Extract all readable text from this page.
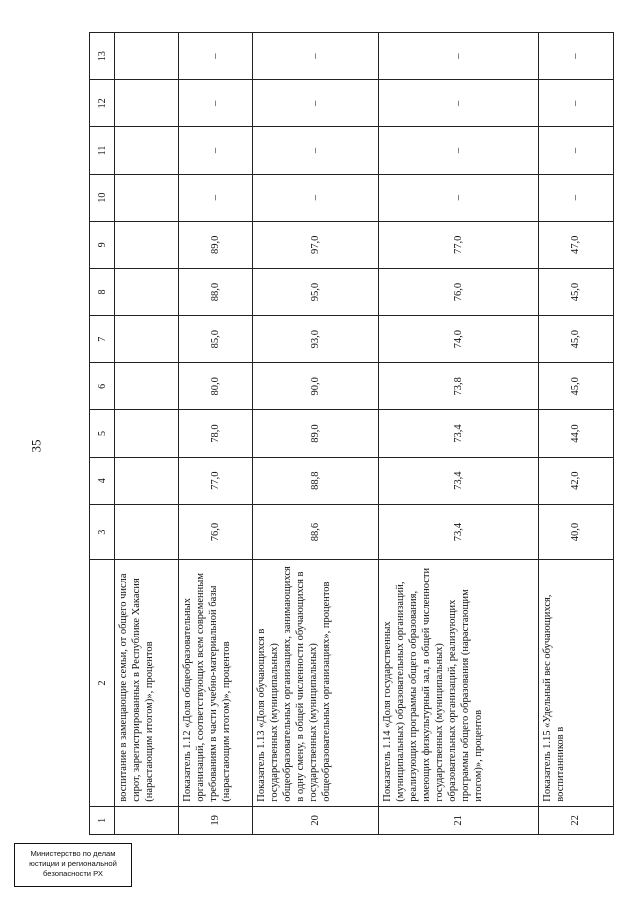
35
1	2	3	4	5	6	7	8	9	10	11	12	13
	воспитание в замещающие семьи, от общего числа сирот, зарегистрированных в Республике Хакасия (нарастающим итогом)», процентов											
19	Показатель 1.12 «Доля общеобразовательных организаций, соответствующих всем современным требованиям в части учебно-материальной базы (нарастающим итогом)», процентов	76,0	77,0	78,0	80,0	85,0	88,0	89,0	–	–	–	–
20	Показатель 1.13 «Доля обучающихся в государственных (муниципальных) общеобразовательных организациях, занимающихся в одну смену, в общей численности обучающихся в государственных (муниципальных) общеобразовательных организациях», процентов	88,6	88,8	89,0	90,0	93,0	95,0	97,0	–	–	–	–
21	Показатель 1.14 «Доля государственных (муниципальных) образовательных организаций, реализующих программы общего образования, имеющих физкультурный зал, в общей численности государственных (муниципальных) образовательных организаций, реализующих программы общего образования (нарастающим итогом)», процентов	73,4	73,4	73,4	73,8	74,0	76,0	77,0	–	–	–	–
22	Показатель 1.15 «Удельный вес обучающихся, воспитанников в	40,0	42,0	44,0	45,0	45,0	45,0	47,0	–	–	–	–
Министерство по делам
юстиции и региональной
безопасности РХ
